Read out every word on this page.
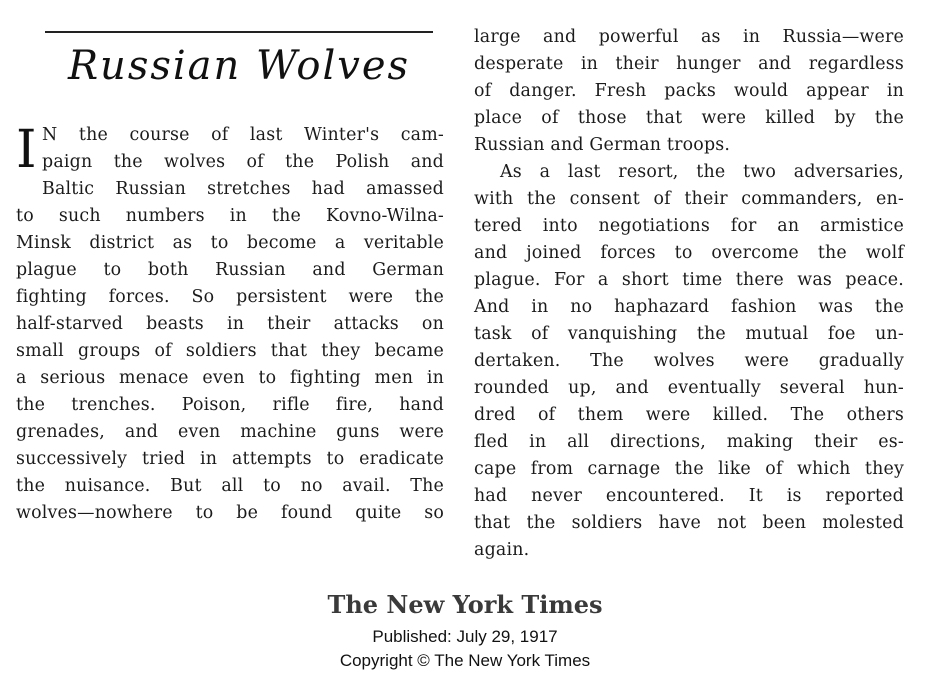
Russian Wolves
I N the course of last Winter's cam-
paign the wolves of the Polish and
Baltic Russian stretches had amassed
to such numbers in the Kovno-Wilna-
Minsk district as to become a veritable
plague to both Russian and German
fighting forces. So persistent were the
half-starved beasts in their attacks on
small groups of soldiers that they became
a serious menace even to fighting men in
the trenches. Poison, rifle fire, hand
grenades, and even machine guns were
successively tried in attempts to eradicate
the nuisance. But all to no avail. The
wolves—nowhere to be found quite so
large and powerful as in Russia—were
desperate in their hunger and regardless
of danger. Fresh packs would appear in
place of those that were killed by the
Russian and German troops.
As a last resort, the two adversaries,
with the consent of their commanders, en-
tered into negotiations for an armistice
and joined forces to overcome the wolf
plague. For a short time there was peace.
And in no haphazard fashion was the
task of vanquishing the mutual foe un-
dertaken. The wolves were gradually
rounded up, and eventually several hun-
dred of them were killed. The others
fled in all directions, making their es-
cape from carnage the like of which they
had never encountered. It is reported
that the soldiers have not been molested
again.
The New York Times
Published: July 29, 1917
Copyright © The New York Times
